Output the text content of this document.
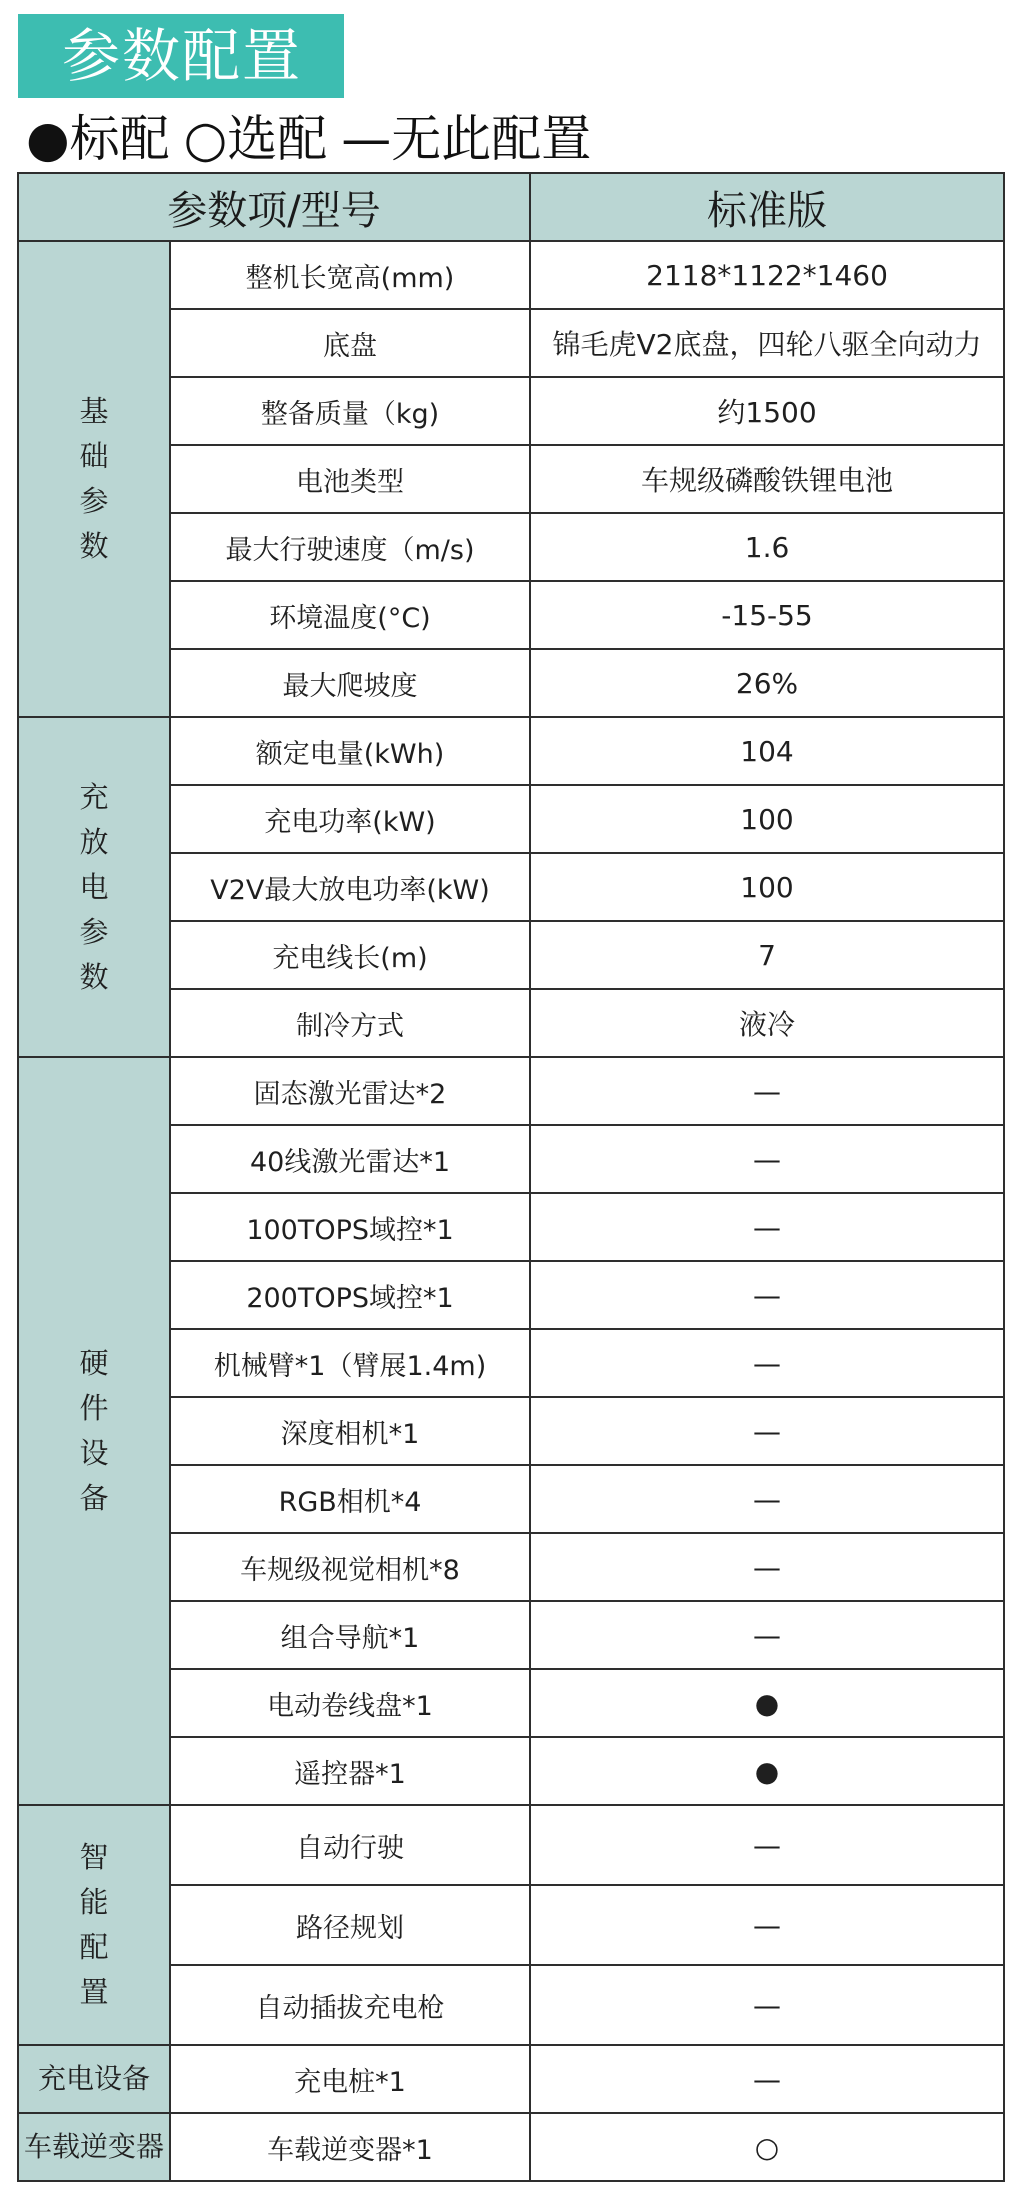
参数配置
●标配 ○选配 —无此配置
参数项/型号		标准版
基础参数	整机长宽高(mm)	2118*1122*1460
	底盘	锦毛虎V2底盘，四轮八驱全向动力
	整备质量（kg)	约1500
	电池类型	车规级磷酸铁锂电池
	最大行驶速度（m/s)	1.6
	环境温度(°C)	-15-55
	最大爬坡度	26%
充放电参数	额定电量(kWh)	104
	充电功率(kW)	100
	V2V最大放电功率(kW)	100
	充电线长(m)	7
	制冷方式	液冷
硬件设备	固态激光雷达*2	—
	40线激光雷达*1	—
	100TOPS域控*1	—
	200TOPS域控*1	—
	机械臂*1（臂展1.4m)	—
	深度相机*1	—
	RGB相机*4	—
	车规级视觉相机*8	—
	组合导航*1	—
	电动卷线盘*1	●
	遥控器*1	●
智能配置	自动行驶	—
	路径规划	—
	自动插拔充电枪	—
充电设备	充电桩*1	—
车载逆变器	车载逆变器*1	○
